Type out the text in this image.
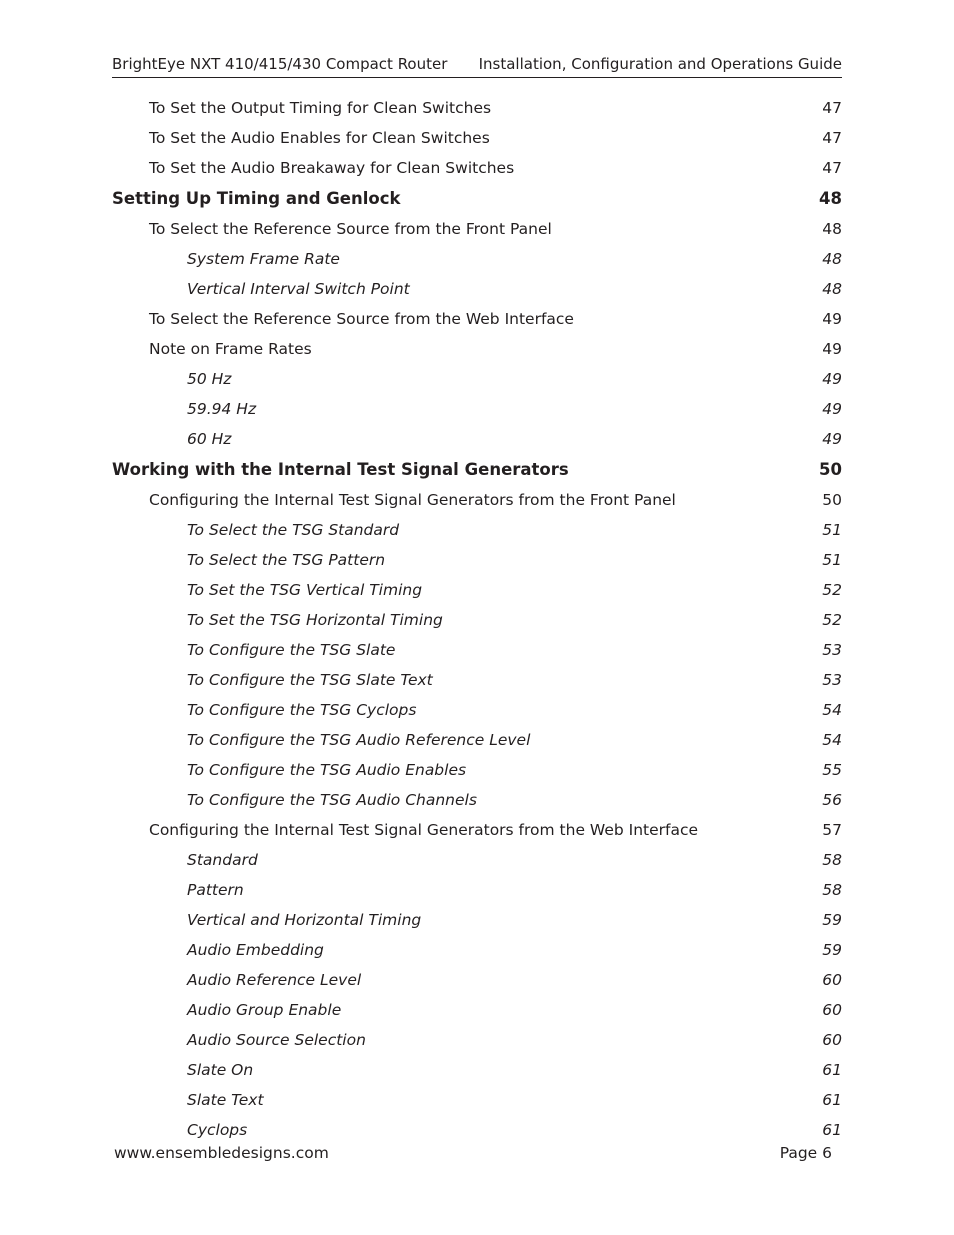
BrightEye NXT 410/415/430 Compact Router Installation, Configuration and Operations Guide
To Set the Output Timing for Clean Switches	47
To Set the Audio Enables for Clean Switches	47
To Set the Audio Breakaway for Clean Switches	47
Setting Up Timing and Genlock	48
To Select the Reference Source from the Front Panel	48
System Frame Rate	48
Vertical Interval Switch Point	48
To Select the Reference Source from the Web Interface	49
Note on Frame Rates	49
50 Hz	49
59.94 Hz	49
60 Hz	49
Working with the Internal Test Signal Generators	50
Configuring the Internal Test Signal Generators from the Front Panel	50
To Select the TSG Standard	51
To Select the TSG Pattern	51
To Set the TSG Vertical Timing	52
To Set the TSG Horizontal Timing	52
To Configure the TSG Slate	53
To Configure the TSG Slate Text	53
To Configure the TSG Cyclops	54
To Configure the TSG Audio Reference Level	54
To Configure the TSG Audio Enables	55
To Configure the TSG Audio Channels	56
Configuring the Internal Test Signal Generators from the Web Interface	57
Standard	58
Pattern	58
Vertical and Horizontal Timing	59
Audio Embedding	59
Audio Reference Level	60
Audio Group Enable	60
Audio Source Selection	60
Slate On	61
Slate Text	61
Cyclops	61
www.ensembledesigns.com	Page 6
